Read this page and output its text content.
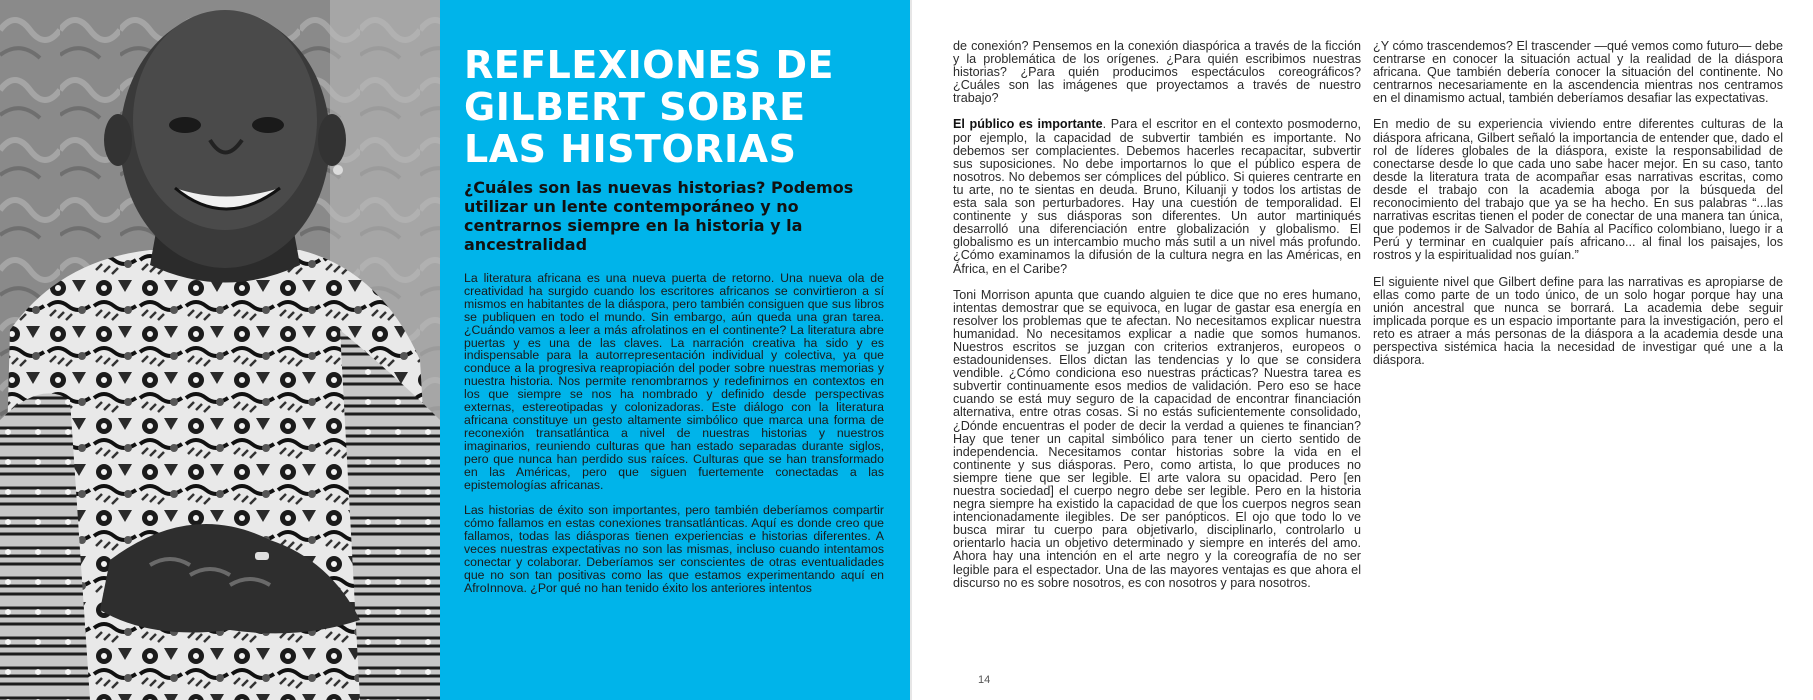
REFLEXIONES DE GILBERT SOBRE LAS HISTORIAS
¿Cuáles son las nuevas historias? Podemos utilizar un lente contemporáneo y no centrarnos siempre en la historia y la ancestralidad

La literatura africana es una nueva puerta de retorno. Una nueva ola de creatividad ha surgido cuando los escritores africanos se convirtieron a sí mismos en habitantes de la diáspora, pero también consiguen que sus libros se publiquen en todo el mundo. Sin embargo, aún queda una gran tarea. ¿Cuándo vamos a leer a más afrolatinos en el continente? La literatura abre puertas y es una de las claves. La narración creativa ha sido y es indispensable para la autorrepresentación individual y colectiva, ya que conduce a la progresiva reapropiación del poder sobre nuestras memorias y nuestra historia. Nos permite renombrarnos y redefinirnos en contextos en los que siempre se nos ha nombrado y definido desde perspectivas externas, estereotipadas y colonizadoras. Este diálogo con la literatura africana constituye un gesto altamente simbólico que marca una forma de reconexión transatlántica a nivel de nuestras historias y nuestros imaginarios, reuniendo culturas que han estado separadas durante siglos, pero que nunca han perdido sus raíces. Culturas que se han transformado en las Américas, pero que siguen fuertemente conectadas a las epistemologías africanas.

Las historias de éxito son importantes, pero también deberíamos compartir cómo fallamos en estas conexiones transatlánticas. Aquí es donde creo que fallamos, todas las diásporas tienen experiencias e historias diferentes. A veces nuestras expectativas no son las mismas, incluso cuando intentamos conectar y colaborar. Deberíamos ser conscientes de otras eventualidades que no son tan positivas como las que estamos experimentando aquí en AfroInnova. ¿Por qué no han tenido éxito los anteriores intentos

de conexión? Pensemos en la conexión diaspórica a través de la ficción y la problemática de los orígenes. ¿Para quién escribimos nuestras historias? ¿Para quién producimos espectáculos coreográficos? ¿Cuáles son las imágenes que proyectamos a través de nuestro trabajo?

El público es importante. Para el escritor en el contexto posmoderno, por ejemplo, la capacidad de subvertir también es importante. No debemos ser complacientes. Debemos hacerles recapacitar, subvertir sus suposiciones. No debe importarnos lo que el público espera de nosotros. No debemos ser cómplices del público. Si quieres centrarte en tu arte, no te sientas en deuda. Bruno, Kiluanji y todos los artistas de esta sala son perturbadores. Hay una cuestión de temporalidad. El continente y sus diásporas son diferentes. Un autor martiniqués desarrolló una diferenciación entre globalización y globalismo. El globalismo es un intercambio mucho más sutil a un nivel más profundo. ¿Cómo examinamos la difusión de la cultura negra en las Américas, en África, en el Caribe?

Toni Morrison apunta que cuando alguien te dice que no eres humano, intentas demostrar que se equivoca, en lugar de gastar esa energía en resolver los problemas que te afectan. No necesitamos explicar nuestra humanidad. No necesitamos explicar a nadie que somos humanos. Nuestros escritos se juzgan con criterios extranjeros, europeos o estadounidenses. Ellos dictan las tendencias y lo que se considera vendible. ¿Cómo condiciona eso nuestras prácticas? Nuestra tarea es subvertir continuamente esos medios de validación. Pero eso se hace cuando se está muy seguro de la capacidad de encontrar financiación alternativa, entre otras cosas. Si no estás suficientemente consolidado, ¿Dónde encuentras el poder de decir la verdad a quienes te financian? Hay que tener un capital simbólico para tener un cierto sentido de independencia. Necesitamos contar historias sobre la vida en el continente y sus diásporas. Pero, como artista, lo que produces no siempre tiene que ser legible. El arte valora su opacidad. Pero [en nuestra sociedad] el cuerpo negro debe ser legible. Pero en la historia negra siempre ha existido la capacidad de que los cuerpos negros sean intencionadamente ilegibles. De ser panópticos. El ojo que todo lo ve busca mirar tu cuerpo para objetivarlo, disciplinarlo, controlarlo u orientarlo hacia un objetivo determinado y siempre en interés del amo. Ahora hay una intención en el arte negro y la coreografía de no ser legible para el espectador. Una de las mayores ventajas es que ahora el discurso no es sobre nosotros, es con nosotros y para nosotros.

¿Y cómo trascendemos? El trascender —qué vemos como futuro— debe centrarse en conocer la situación actual y la realidad de la diáspora africana. Que también debería conocer la situación del continente. No centrarnos necesariamente en la ascendencia mientras nos centramos en el dinamismo actual, también deberíamos desafiar las expectativas.

En medio de su experiencia viviendo entre diferentes culturas de la diáspora africana, Gilbert señaló la importancia de entender que, dado el rol de líderes globales de la diáspora, existe la responsabilidad de conectarse desde lo que cada uno sabe hacer mejor. En su caso, tanto desde la literatura trata de acompañar esas narrativas escritas, como desde el trabajo con la academia aboga por la búsqueda del reconocimiento del trabajo que ya se ha hecho. En sus palabras “...las narrativas escritas tienen el poder de conectar de una manera tan única, que podemos ir de Salvador de Bahía al Pacífico colombiano, luego ir a Perú y terminar en cualquier país africano... al final los paisajes, los rostros y la espiritualidad nos guían.”

El siguiente nivel que Gilbert define para las narrativas es apropiarse de ellas como parte de un todo único, de un solo hogar porque hay una unión ancestral que nunca se borrará. La academia debe seguir implicada porque es un espacio importante para la investigación, pero el reto es atraer a más personas de la diáspora a la academia desde una perspectiva sistémica hacia la necesidad de investigar qué une a la diáspora.

14
